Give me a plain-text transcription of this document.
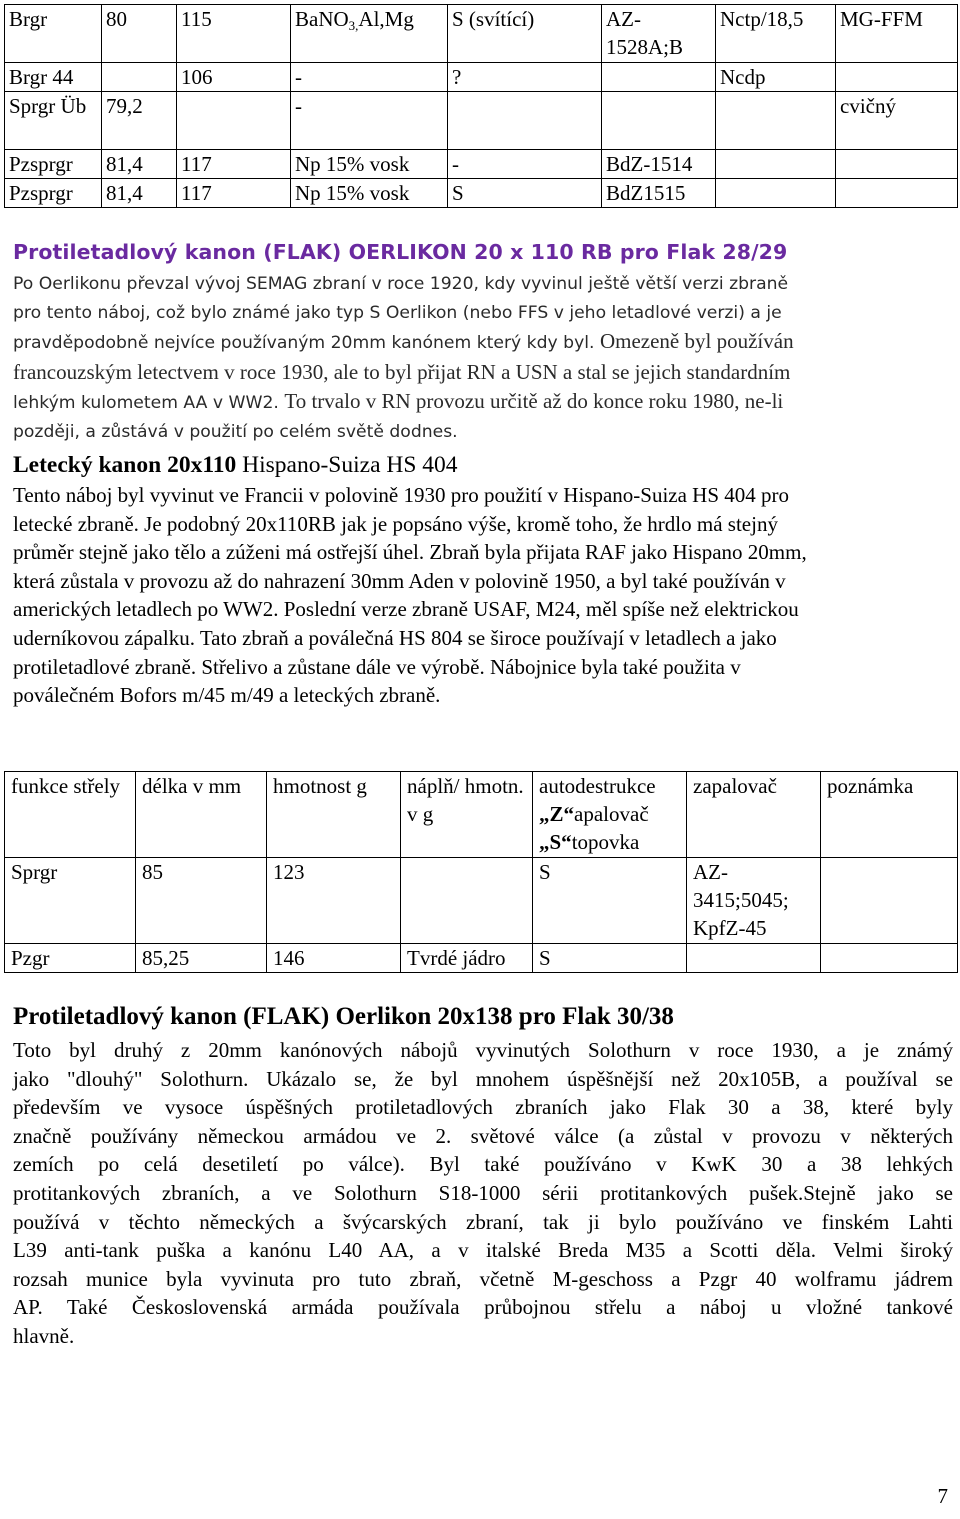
Brgr	80	115	BaNO$_{3,}$Al,Mg	S (svítící)	AZ-1528A;B	Nctp/18,5	MG-FFM
Brgr 44		106	-	?		Ncdp	
Sprgr Üb	79,2		-				cvičný
Pzsprgr	81,4	117	Np 15% vosk	-	BdZ-1514		
Pzsprgr	81,4	117	Np 15% vosk	S	BdZ1515		
Protiletadlový kanon (FLAK) OERLIKON 20 x 110 RB pro Flak 28/29
Po Oerlikonu převzal vývoj SEMAG zbraní v roce 1920, kdy vyvinul ještě větší verzi zbraně
pro tento náboj, což bylo známé jako typ S Oerlikon (nebo FFS v jeho letadlové verzi) a je
pravděpodobně nejvíce používaným 20mm kanónem který kdy byl. Omezeně byl používán
francouzským letectvem v roce 1930, ale to byl přijat RN a USN a stal se jejich standardním
lehkým kulometem AA v WW2. To trvalo v RN provozu určitě až do konce roku 1980, ne-li
později, a zůstává v použití po celém světě dodnes.
Letecký kanon 20x110 Hispano-Suiza HS 404
Tento náboj byl vyvinut ve Francii v polovině 1930 pro použití v Hispano-Suiza HS 404 pro
letecké zbraně. Je podobný 20x110RB jak je popsáno výše, kromě toho, že hrdlo má stejný
průměr stejně jako tělo a zúženi má ostřejší úhel. Zbraň byla přijata RAF jako Hispano 20mm,
která zůstala v provozu až do nahrazení 30mm Aden v polovině 1950, a byl také používán v
amerických letadlech po WW2. Poslední verze zbraně USAF, M24, měl spíše než elektrickou
uderníkovou zápalku. Tato zbraň a poválečná HS 804 se široce používají v letadlech a jako
protiletadlové zbraně. Střelivo a zůstane dále ve výrobě. Nábojnice byla také použita v
poválečném Bofors m/45 m/49 a leteckých zbraně.
funkce střely	délka v mm	hmotnost g	náplň/ hmotn. v g	autodestrukce
„Z“apalovač
„S“topovka	zapalovač	poznámka
Sprgr	85	123		S	AZ-3415;5045; KpfZ-45	
Pzgr	85,25	146	Tvrdé jádro	S		
Protiletadlový kanon (FLAK) Oerlikon 20x138 pro Flak 30/38
Toto byl druhý z 20mm kanónových nábojů vyvinutých Solothurn v roce 1930, a je známý
jako "dlouhý" Solothurn. Ukázalo se, že byl mnohem úspěšnější než 20x105B, a používal se
především ve vysoce úspěšných protiletadlových zbraních jako Flak 30 a 38, které byly
značně používány německou armádou ve 2. světové válce (a zůstal v provozu v některých
zemích po celá desetiletí po válce). Byl také používáno v KwK 30 a 38 lehkých
protitankových zbraních, a ve Solothurn S18-1000 sérii protitankových pušek.Stejně jako se
používá v těchto německých a švýcarských zbraní, tak ji bylo používáno ve finském Lahti
L39 anti-tank puška a kanónu L40 AA, a v italské Breda M35 a Scotti děla. Velmi široký
rozsah munice byla vyvinuta pro tuto zbraň, včetně M-geschoss a Pzgr 40 wolframu jádrem
AP. Také Československá armáda používala průbojnou střelu a náboj u vložné tankové
hlavně.
7
